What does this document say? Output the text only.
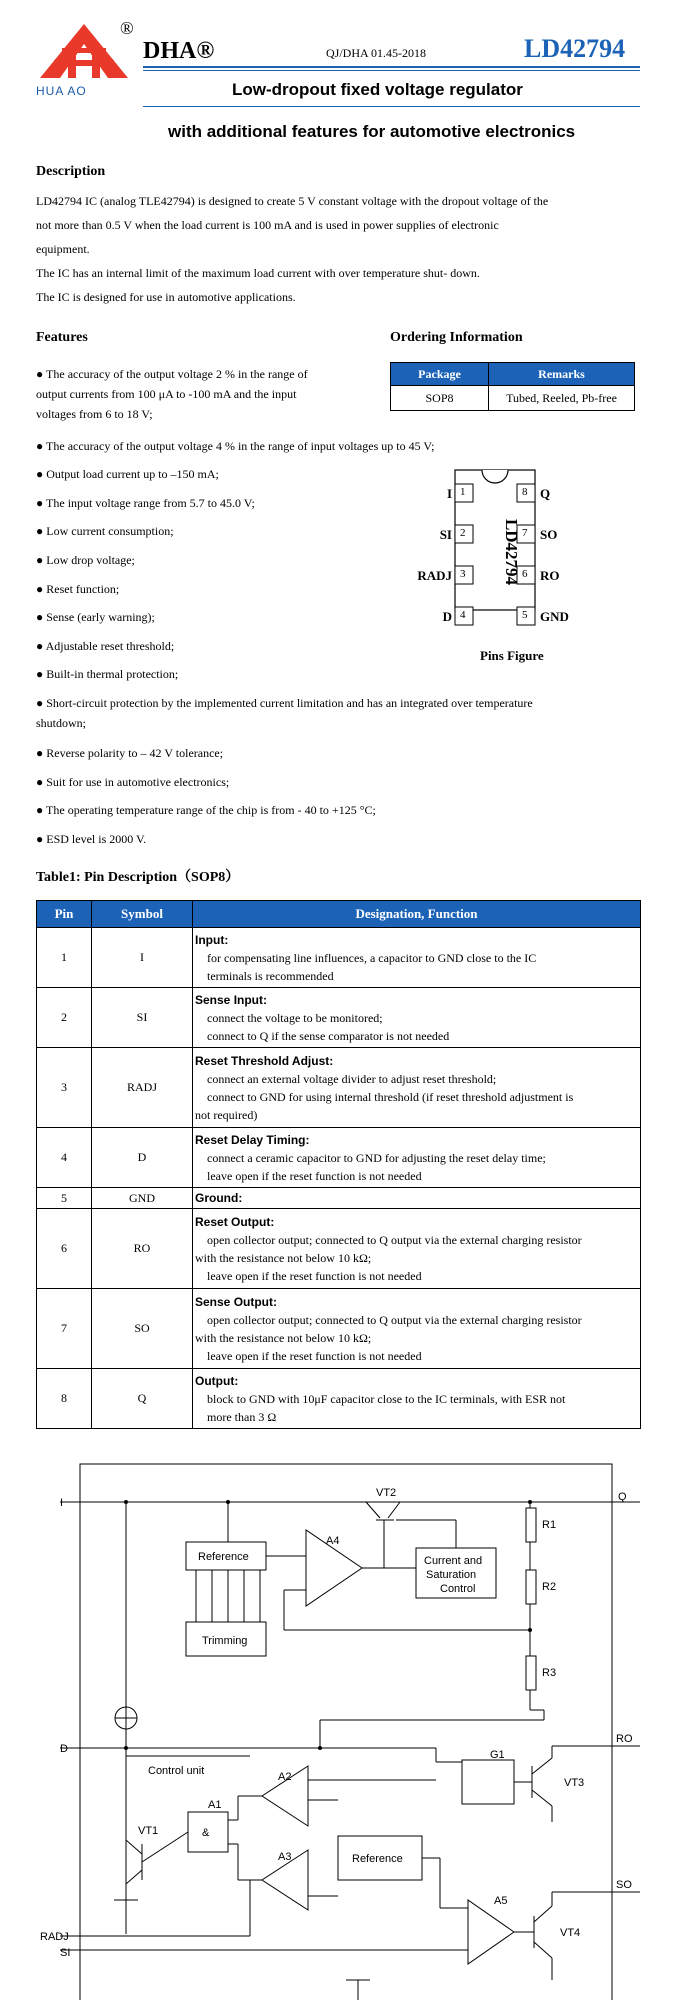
HUA AO
®
DHA®	QJ/DHA 01.45-2018	LD42794
Low-dropout fixed voltage regulator
with additional features for automotive electronics
Description
LD42794 IC (analog TLE42794) is designed to create 5 V constant voltage with the dropout voltage of the
not more than 0.5 V when the load current is 100 mA and is used in power supplies of electronic
equipment.
The IC has an internal limit of the maximum load current with over temperature shut- down.
The IC is designed for use in automotive applications.
Features
● The accuracy of the output voltage 2 % in the range of
output currents from 100 μA to -100 mA and the input
voltages from 6 to 18 V;
● The accuracy of the output voltage 4 % in the range of input voltages up to 45 V;
● Output load current up to –150 mA;
● The input voltage range from 5.7 to 45.0 V;
● Low current consumption;
● Low drop voltage;
● Reset function;
● Sense (early warning);
● Adjustable reset threshold;
● Built-in thermal protection;
● Short-circuit protection by the implemented current limitation and has an integrated over temperature
shutdown;
● Reverse polarity to – 42 V tolerance;
● Suit for use in automotive electronics;
● The operating temperature range of the chip is from - 40 to +125 °C;
● ESD level is 2000 V.
Ordering Information
Package	Remarks
SOP8	Tubed, Reeled, Pb-free
LD42794
I 1
SI 2
RADJ 3
D 4
8 Q
7 SO
6 RO
5 GND
Pins Figure
Table1: Pin Description（SOP8）
Pin	Symbol	Designation, Function
1	I	Input:
for compensating line influences, a capacitor to GND close to the IC
terminals is recommended

2	SI	Sense Input:
connect the voltage to be monitored;
connect to Q if the sense comparator is not needed

3	RADJ	Reset Threshold Adjust:
connect an external voltage divider to adjust reset threshold;
connect to GND for using internal threshold (if reset threshold adjustment is
not required)

4	D	Reset Delay Timing:
connect a ceramic capacitor to GND for adjusting the reset delay time;
leave open if the reset function is not needed

5	GND	Ground:

6	RO	Reset Output:
open collector output; connected to Q output via the external charging resistor
with the resistance not below 10 kΩ;
leave open if the reset function is not needed

7	SO	Sense Output:
open collector output; connected to Q output via the external charging resistor
with the resistance not below 10 kΩ;
leave open if the reset function is not needed

8	Q	Output:
block to GND with 10μF capacitor close to the IC terminals, with ESR not
more than 3 Ω
I	Q
D
RO
SO
RADJ
SI
VT2
A4
Reference
Trimming
Current and
Saturation
Control
R1
R2
R3
Control unit
A1
&
A2
A3
VT1
Reference
G1
VT3
A5
VT4
